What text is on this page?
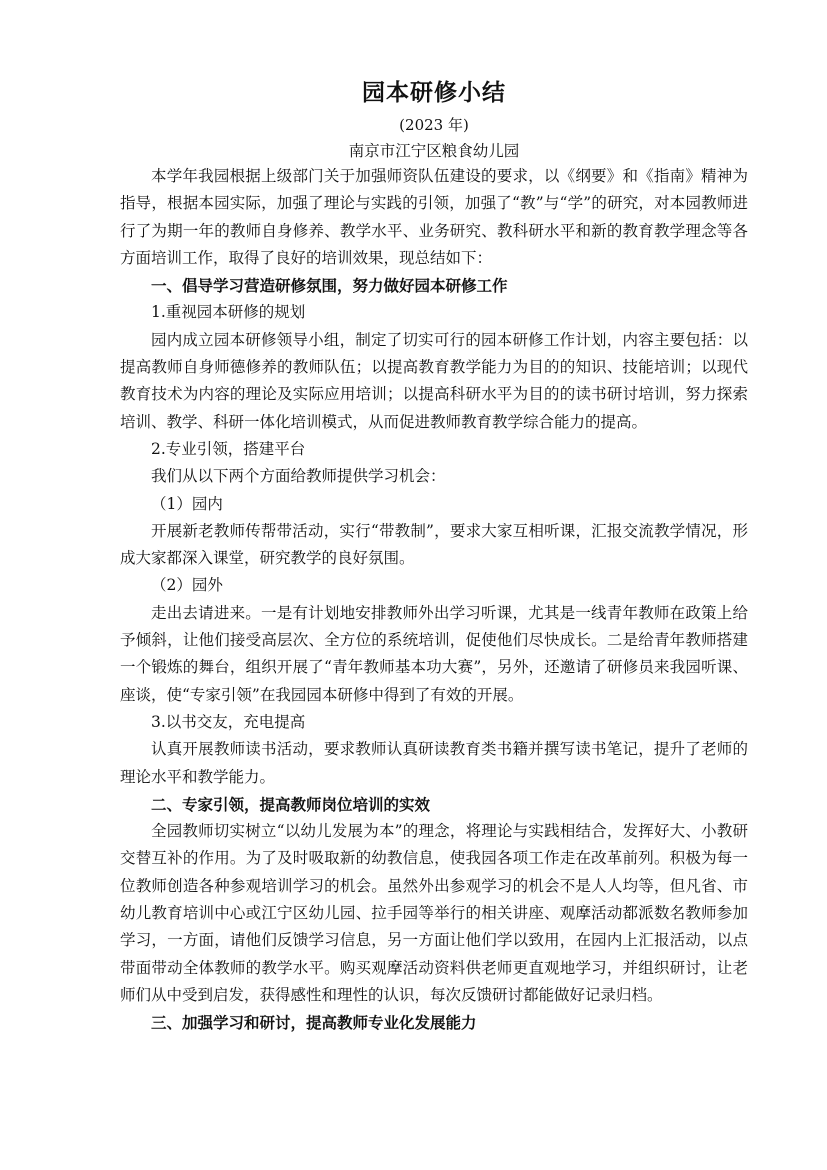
园本研修小结
(2023 年)
南京市江宁区粮食幼儿园

本学年我园根据上级部门关于加强师资队伍建设的要求，以《纲要》和《指南》精神为指导，根据本园实际，加强了理论与实践的引领，加强了“教”与“学”的研究，对本园教师进行了为期一年的教师自身修养、教学水平、业务研究、教科研水平和新的教育教学理念等各方面培训工作，取得了良好的培训效果，现总结如下：

一、倡导学习营造研修氛围，努力做好园本研修工作

1.重视园本研修的规划

园内成立园本研修领导小组，制定了切实可行的园本研修工作计划，内容主要包括：以提高教师自身师德修养的教师队伍；以提高教育教学能力为目的的知识、技能培训；以现代教育技术为内容的理论及实际应用培训；以提高科研水平为目的的读书研讨培训，努力探索培训、教学、科研一体化培训模式，从而促进教师教育教学综合能力的提高。

2.专业引领，搭建平台

我们从以下两个方面给教师提供学习机会：

（1）园内

开展新老教师传帮带活动，实行“带教制”，要求大家互相听课，汇报交流教学情况，形成大家都深入课堂，研究教学的良好氛围。

（2）园外

走出去请进来。一是有计划地安排教师外出学习听课，尤其是一线青年教师在政策上给予倾斜，让他们接受高层次、全方位的系统培训，促使他们尽快成长。二是给青年教师搭建一个锻炼的舞台，组织开展了“青年教师基本功大赛”，另外，还邀请了研修员来我园听课、座谈，使“专家引领”在我园园本研修中得到了有效的开展。

3.以书交友，充电提高

认真开展教师读书活动，要求教师认真研读教育类书籍并撰写读书笔记，提升了老师的理论水平和教学能力。

二、专家引领，提高教师岗位培训的实效

全园教师切实树立“以幼儿发展为本”的理念，将理论与实践相结合，发挥好大、小教研交替互补的作用。为了及时吸取新的幼教信息，使我园各项工作走在改革前列。积极为每一位教师创造各种参观培训学习的机会。虽然外出参观学习的机会不是人人均等，但凡省、市幼儿教育培训中心或江宁区幼儿园、拉手园等举行的相关讲座、观摩活动都派数名教师参加学习，一方面，请他们反馈学习信息，另一方面让他们学以致用，在园内上汇报活动，以点带面带动全体教师的教学水平。购买观摩活动资料供老师更直观地学习，并组织研讨，让老师们从中受到启发，获得感性和理性的认识，每次反馈研讨都能做好记录归档。

三、加强学习和研讨，提高教师专业化发展能力
